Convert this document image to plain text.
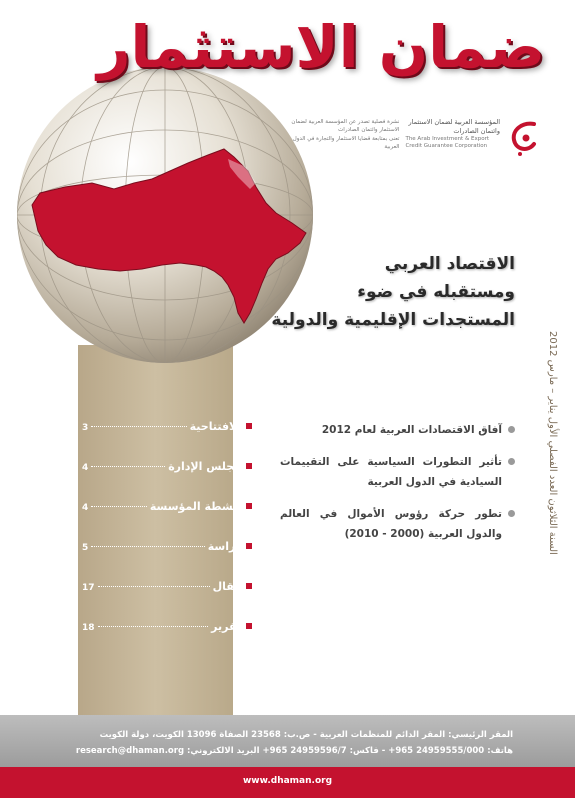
ضمان الاستثمار
المؤسسة العربية لضمان الاستثمار وائتمان الصادرات
The Arab Investment & Export Credit Guarantee Corporation
نشرة فصلية تصدر عن المؤسسة العربية لضمان الاستثمار وائتمان الصادرات
تعنى بمتابعة قضايا الاستثمار والتجارة في الدول العربية
الاقتصاد العربي
ومستقبله في ضوء
المستجدات الإقليمية والدولية
السنة الثلاثون العدد الفصلي الأول يناير – مارس 2012
آفاق الاقتصادات العربية لعام 2012
تأثير التطورات السياسية على التقييمات السيادية في الدول العربية
تطور حركة رؤوس الأموال في العالم والدول العربية (2000 - 2010)
الافتتاحية
3
مجلس الإدارة
4
أنشطة المؤسسة
4
دراسة
5
مقال
17
تقرير
18
المقر الرئيسي: المقر الدائم للمنظمات العربية - ص.ب: 23568 الصفاة 13096 الكويت، دولة الكويت
هاتف: 24959555/000 965+ - فاكس: 24959596/7 965+ البريد الالكتروني: research@dhaman.org
www.dhaman.org
